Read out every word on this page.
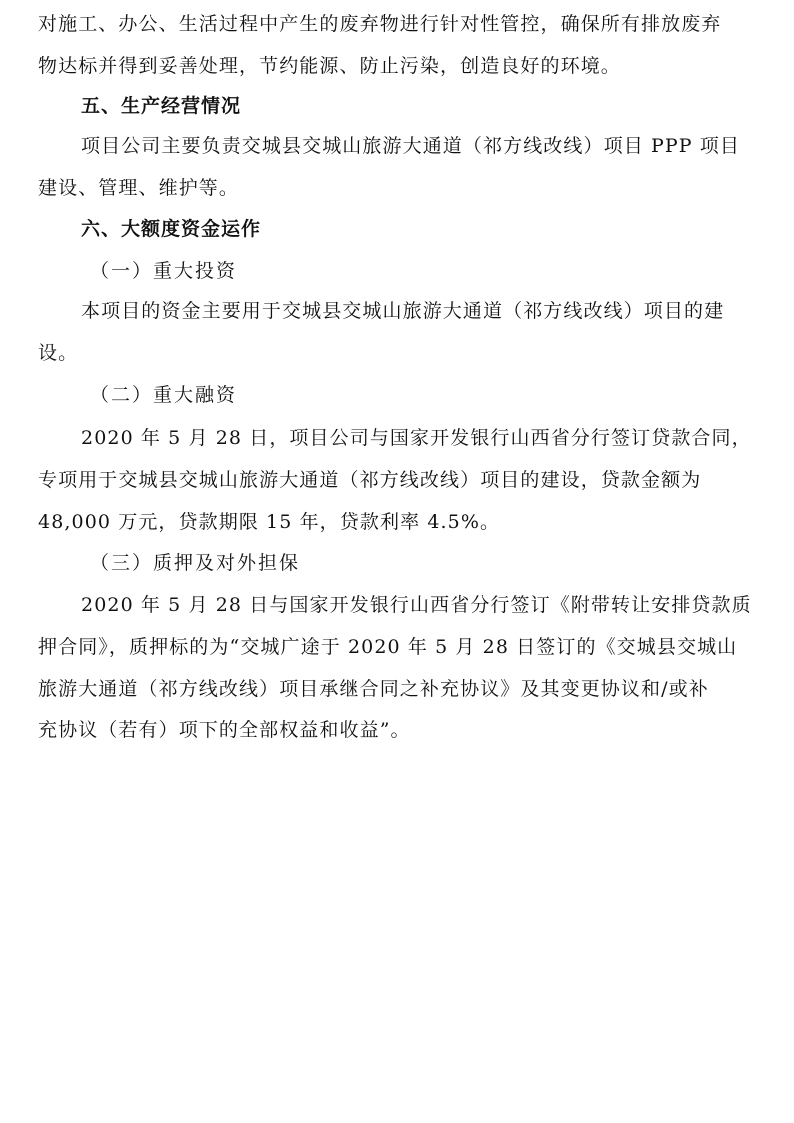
对施工、办公、生活过程中产生的废弃物进行针对性管控，确保所有排放废弃
物达标并得到妥善处理，节约能源、防止污染，创造良好的环境。
五、生产经营情况
项目公司主要负责交城县交城山旅游大通道（祁方线改线）项目 PPP 项目
建设、管理、维护等。
六、大额度资金运作
（一）重大投资
本项目的资金主要用于交城县交城山旅游大通道（祁方线改线）项目的建
设。
（二）重大融资
2020 年 5 月 28 日，项目公司与国家开发银行山西省分行签订贷款合同，
专项用于交城县交城山旅游大通道（祁方线改线）项目的建设，贷款金额为
48,000 万元，贷款期限 15 年，贷款利率 4.5%。
（三）质押及对外担保
2020 年 5 月 28 日与国家开发银行山西省分行签订《附带转让安排贷款质
押合同》，质押标的为“交城广途于 2020 年 5 月 28 日签订的《交城县交城山
旅游大通道（祁方线改线）项目承继合同之补充协议》及其变更协议和/或补
充协议（若有）项下的全部权益和收益”。
